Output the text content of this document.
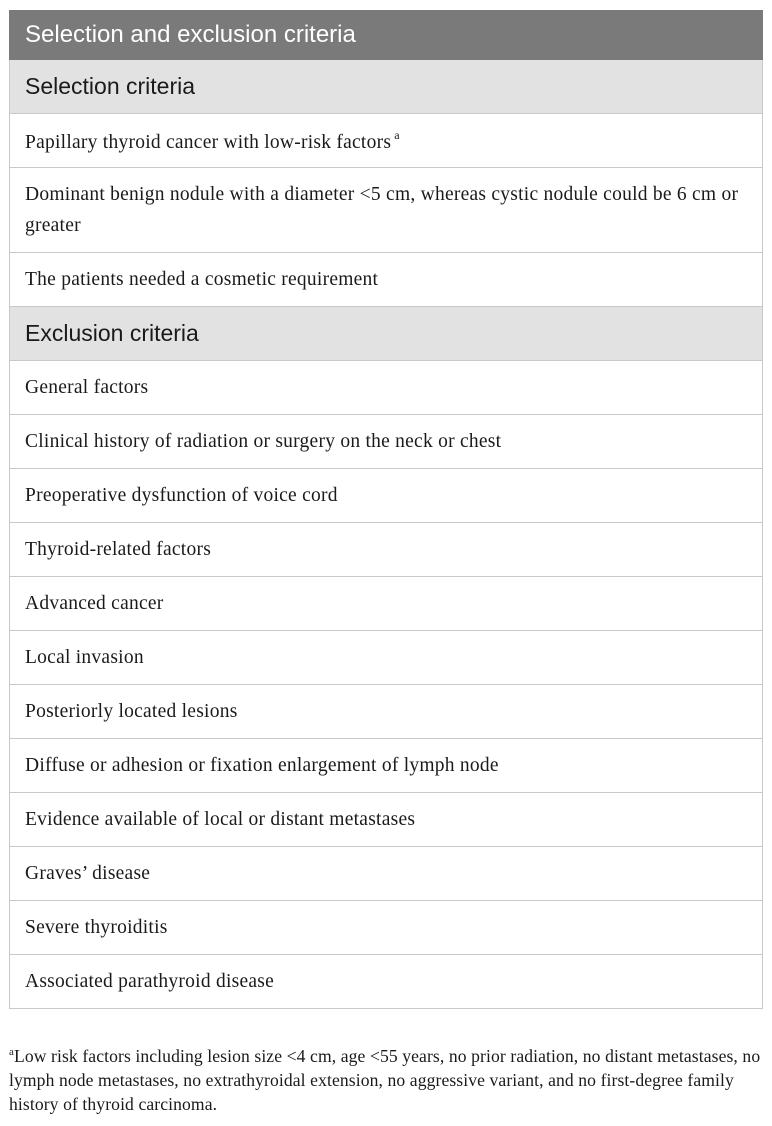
Selection and exclusion criteria
Selection criteria
Papillary thyroid cancer with low-risk factors $^a$
Dominant benign nodule with a diameter <5 cm, whereas cystic nodule could be 6 cm or greater
The patients needed a cosmetic requirement
Exclusion criteria
General factors
Clinical history of radiation or surgery on the neck or chest
Preoperative dysfunction of voice cord
Thyroid-related factors
Advanced cancer
Local invasion
Posteriorly located lesions
Diffuse or adhesion or fixation enlargement of lymph node
Evidence available of local or distant metastases
Graves’ disease
Severe thyroiditis
Associated parathyroid disease
$^a$Low risk factors including lesion size <4 cm, age <55 years, no prior radiation, no distant metastases, no lymph node metastases, no extrathyroidal extension, no aggressive variant, and no first-degree family history of thyroid carcinoma.
